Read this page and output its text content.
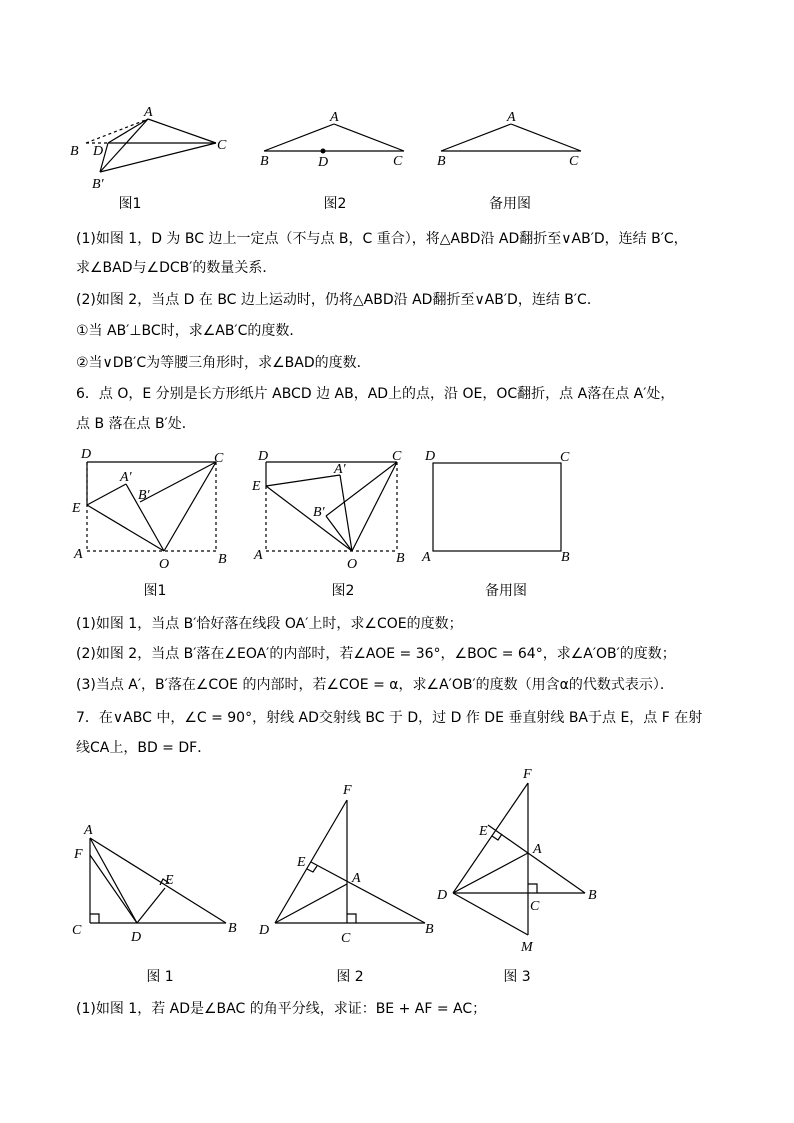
A
B D	C
B′
图1
A
B	D	C
图2
A
B	C
备用图
(1)如图 1，D 为 BC 边上一定点（不与点 B，C 重合），将△ABD沿 AD翻折至∨AB′D，连结 B′C，
求∠BAD与∠DCB′的数量关系．
(2)如图 2，当点 D 在 BC 边上运动时，仍将△ABD沿 AD翻折至∨AB′D，连结 B′C．
①当 AB′⊥BC时，求∠AB′C的度数．
②当∨DB′C为等腰三角形时，求∠BAD的度数．
6．点 O，E 分别是长方形纸片 ABCD 边 AB，AD上的点，沿 OE，OC翻折，点 A落在点 A′处，
点 B 落在点 B′处．
D	C
E
A′
B′
A
O	B
图1
D	C
E
A′
B′
A
O	B
图2
D	C
A	B
备用图
(1)如图 1，当点 B′恰好落在线段 OA′上时，求∠COE的度数；
(2)如图 2，当点 B′落在∠EOA′的内部时，若∠AOE = 36°，∠BOC = 64°，求∠A′OB′的度数；
(3)当点 A′，B′落在∠COE 的内部时，若∠COE = α，求∠A′OB′的度数（用含α的代数式表示）．
7．在∨ABC 中，∠C = 90°，射线 AD交射线 BC 于 D，过 D 作 DE 垂直射线 BA于点 E，点 F 在射
线CA上，BD = DF．
A
F
C	D
E
B
图 1
F
E
A
D
C
B
图 2
F
E
A
D
C
B
M
图 3
(1)如图 1，若 AD是∠BAC 的角平分线，求证：BE + AF = AC；
